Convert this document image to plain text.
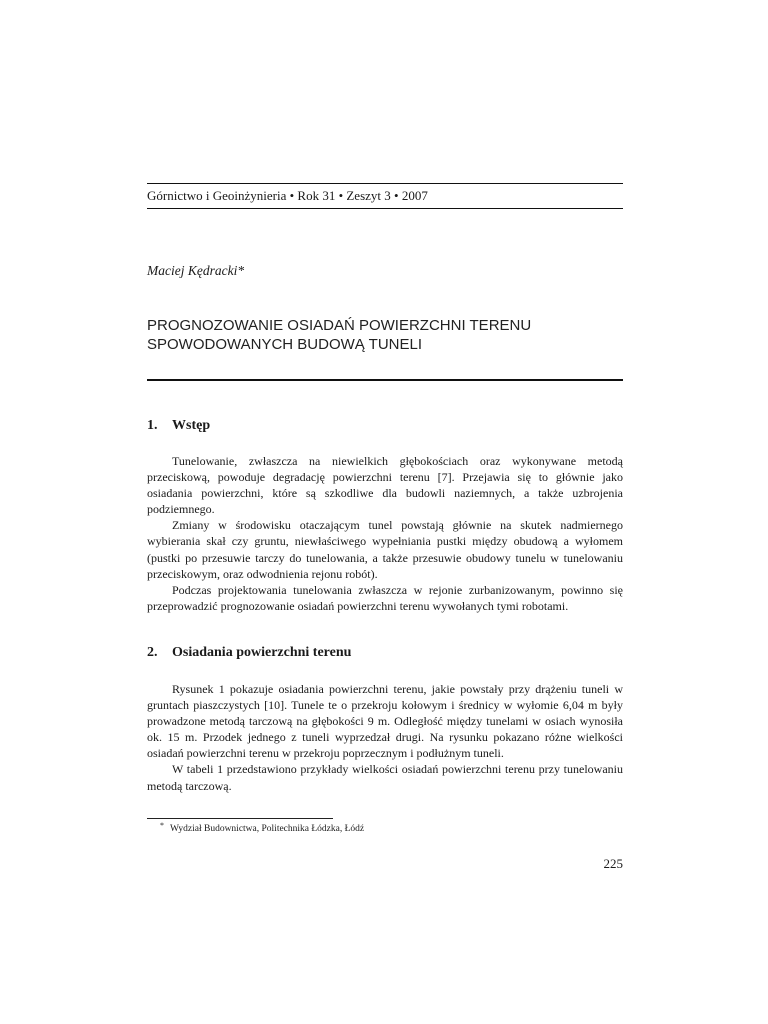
Górnictwo i Geoinżynieria • Rok 31 • Zeszyt 3 • 2007
Maciej Kędracki*
PROGNOZOWANIE OSIADAŃ POWIERZCHNI TERENU
SPOWODOWANYCH BUDOWĄ TUNELI
1. Wstęp

Tunelowanie, zwłaszcza na niewielkich głębokościach oraz wykonywane metodą przeciskową, powoduje degradację powierzchni terenu [7]. Przejawia się to głównie jako osiadania powierzchni, które są szkodliwe dla budowli naziemnych, a także uzbrojenia podziemnego.

Zmiany w środowisku otaczającym tunel powstają głównie na skutek nadmiernego wybierania skał czy gruntu, niewłaściwego wypełniania pustki między obudową a wyłomem (pustki po przesuwie tarczy do tunelowania, a także przesuwie obudowy tunelu w tunelowaniu przeciskowym, oraz odwodnienia rejonu robót).

Podczas projektowania tunelowania zwłaszcza w rejonie zurbanizowanym, powinno się przeprowadzić prognozowanie osiadań powierzchni terenu wywołanych tymi robotami.

2. Osiadania powierzchni terenu

Rysunek 1 pokazuje osiadania powierzchni terenu, jakie powstały przy drążeniu tuneli w gruntach piaszczystych [10]. Tunele te o przekroju kołowym i średnicy w wyłomie 6,04 m były prowadzone metodą tarczową na głębokości 9 m. Odległość między tunelami w osiach wynosiła ok. 15 m. Przodek jednego z tuneli wyprzedzał drugi. Na rysunku pokazano różne wielkości osiadań powierzchni terenu w przekroju poprzecznym i podłużnym tuneli.

W tabeli 1 przedstawiono przykłady wielkości osiadań powierzchni terenu przy tunelowaniu metodą tarczową.

* Wydział Budownictwa, Politechnika Łódzka, Łódź
225
